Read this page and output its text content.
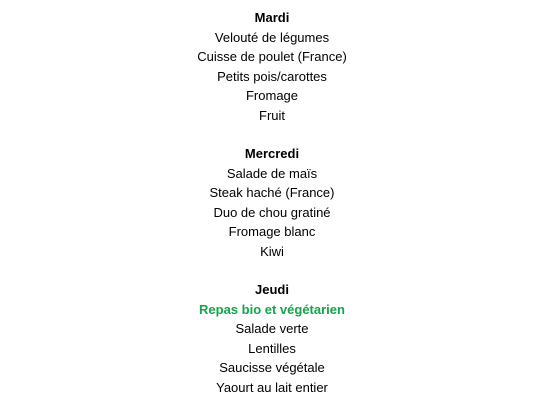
Mardi
Velouté de légumes
Cuisse de poulet (France)
Petits pois/carottes
Fromage
Fruit
Mercredi
Salade de maïs
Steak haché (France)
Duo de chou gratiné
Fromage blanc
Kiwi
Jeudi
Repas bio et végétarien
Salade verte
Lentilles
Saucisse végétale
Yaourt au lait entier
